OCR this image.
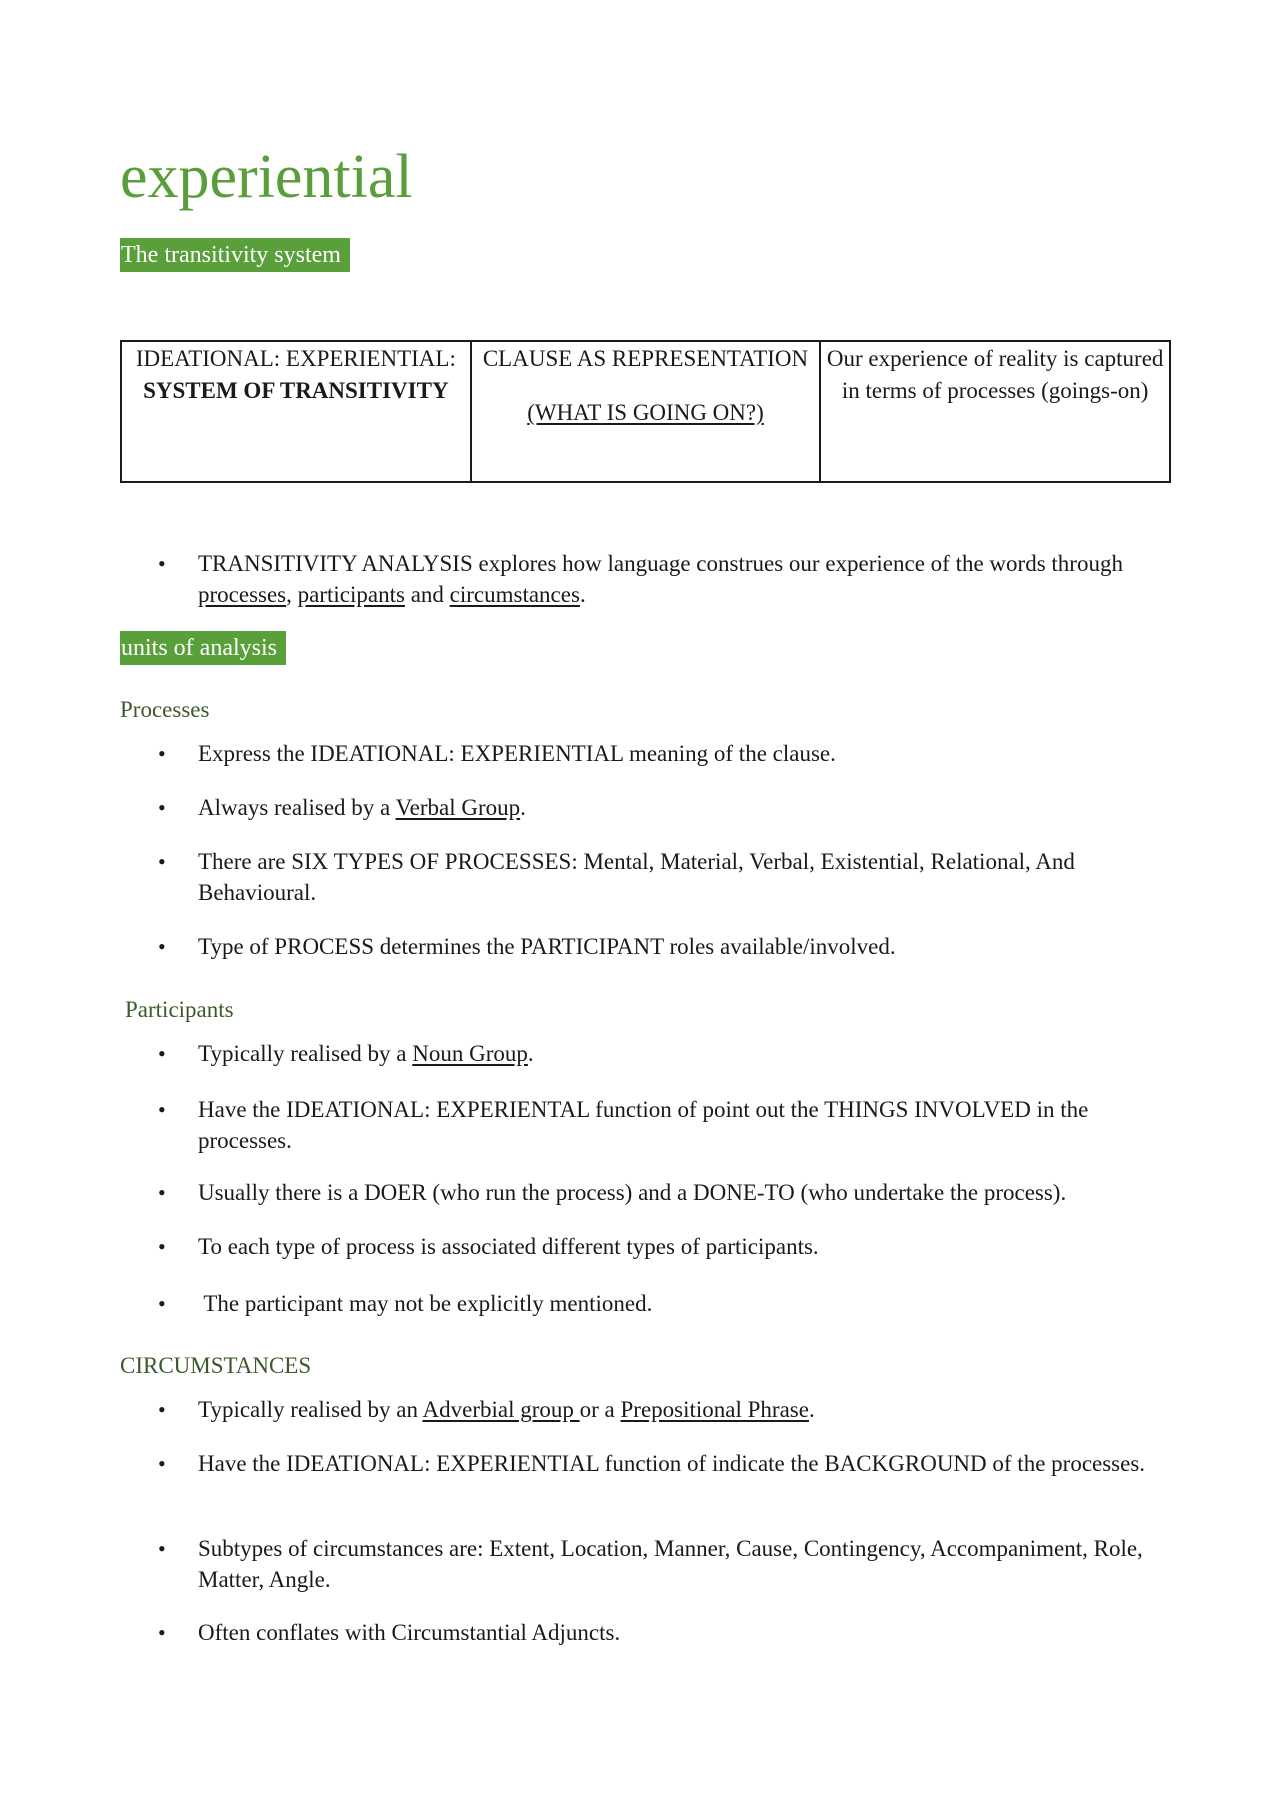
experiential
The transitivity system
IDEATIONAL: EXPERIENTIAL:
SYSTEM OF TRANSITIVITY
	CLAUSE AS REPRESENTATION
(WHAT IS GOING ON?)
	Our experience of reality is captured in terms of processes (goings-on)
•	TRANSITIVITY ANALYSIS explores how language construes our experience of the words through
processes, participants and circumstances.
units of analysis
Processes
•	Express the IDEATIONAL: EXPERIENTIAL meaning of the clause.
•	Always realised by a Verbal Group.
•	There are SIX TYPES OF PROCESSES: Mental, Material, Verbal, Existential, Relational, And Behavioural.
•	Type of PROCESS determines the PARTICIPANT roles available/involved.
Participants
•	Typically realised by a Noun Group.
•	Have the IDEATIONAL: EXPERIENTAL function of point out the THINGS INVOLVED in the processes.
•	Usually there is a DOER (who run the process) and a DONE-TO (who undertake the process).
•	To each type of process is associated different types of participants.
•	The participant may not be explicitly mentioned.
CIRCUMSTANCES
•	Typically realised by an Adverbial group or a Prepositional Phrase.
•	Have the IDEATIONAL: EXPERIENTIAL function of indicate the BACKGROUND of the processes.
•	Subtypes of circumstances are: Extent, Location, Manner, Cause, Contingency, Accompaniment, Role, Matter, Angle.
•	Often conflates with Circumstantial Adjuncts.
